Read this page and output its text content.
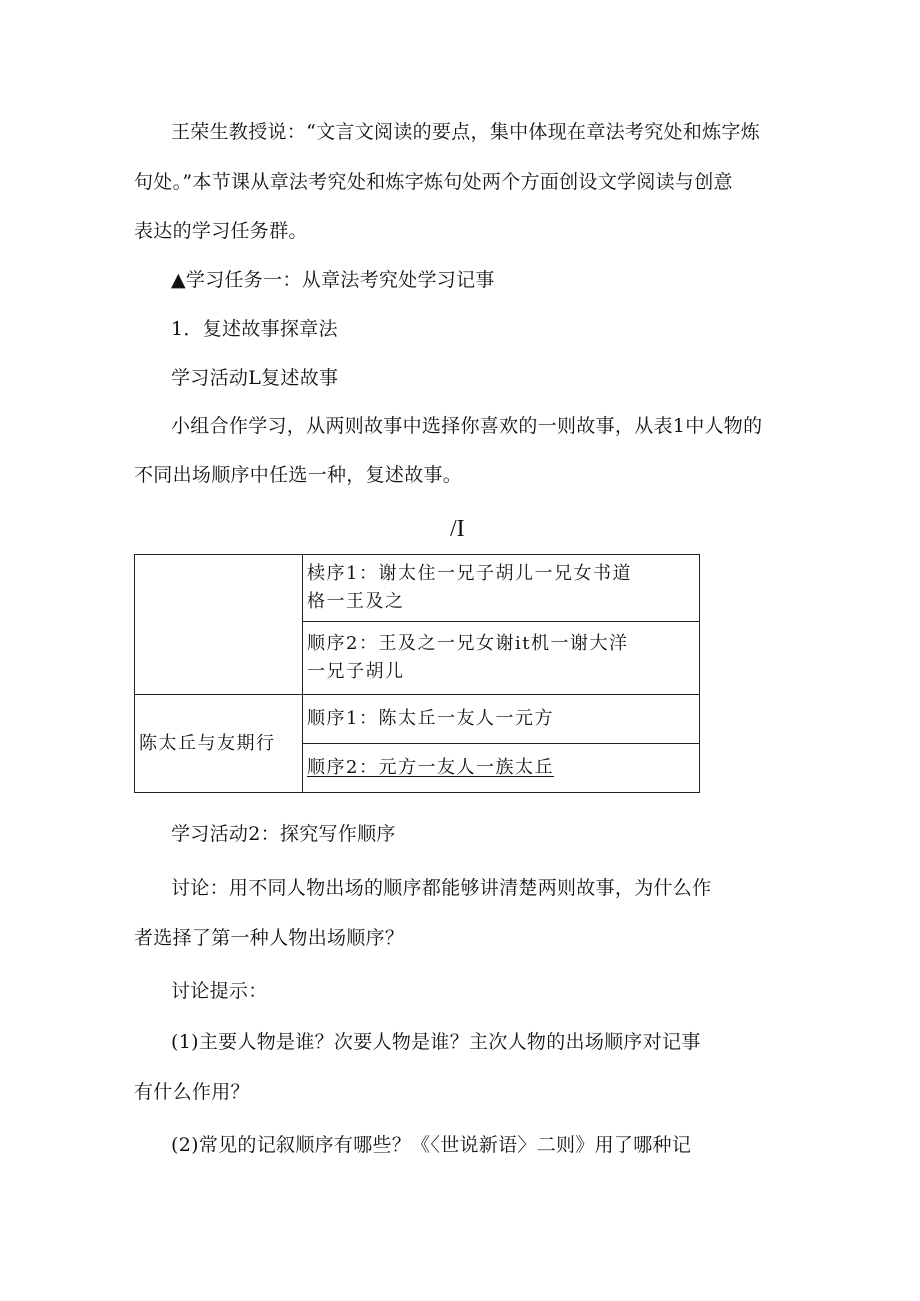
王荣生教授说：“文言文阅读的要点，集中体现在章法考究处和炼字炼
句处。”本节课从章法考究处和炼字炼句处两个方面创设文学阅读与创意
表达的学习任务群。
▲学习任务一：从章法考究处学习记事
1．复述故事探章法
学习活动L复述故事
小组合作学习，从两则故事中选择你喜欢的一则故事，从表1中人物的
不同出场顺序中任选一种，复述故事。
/I

	椟序1：谢太住一兄子胡儿一兄女书道
格一王及之

	顺序2：王及之一兄女谢it机一谢大洋
一兄子胡儿

陈太丘与友期行	顺序1：陈太丘一友人一元方

	顺序2：元方一友人一族太丘
学习活动2：探究写作顺序
讨论：用不同人物出场的顺序都能够讲清楚两则故事，为什么作
者选择了第一种人物出场顺序？
讨论提示：
(1)主要人物是谁？次要人物是谁？主次人物的出场顺序对记事
有什么作用？
(2)常见的记叙顺序有哪些？《〈世说新语〉二则》用了哪种记
